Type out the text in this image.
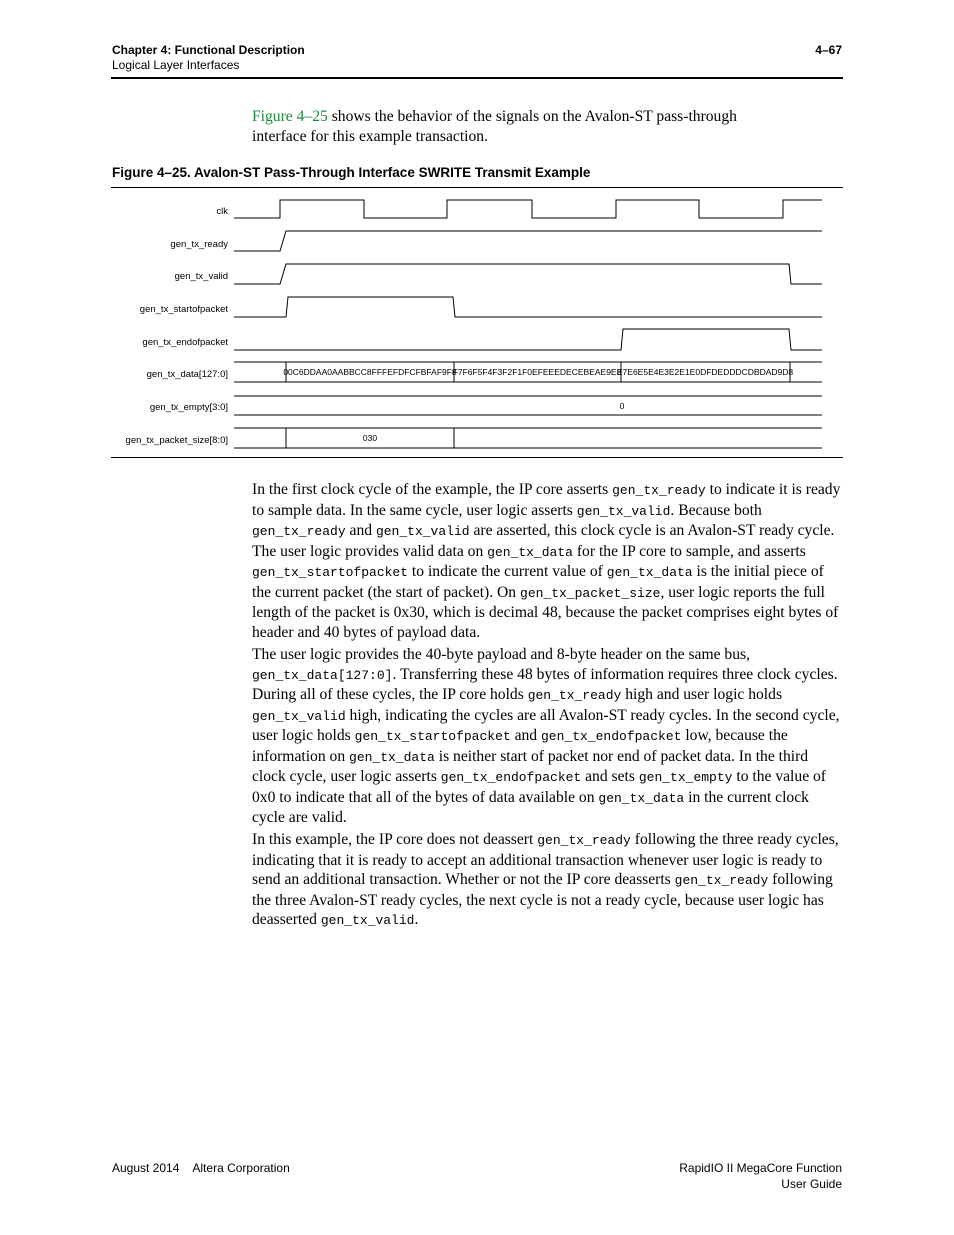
Chapter 4: Functional Description
Logical Layer Interfaces
4–67

Figure 4–25 shows the behavior of the signals on the Avalon-ST pass-through
interface for this example transaction.

Figure 4–25. Avalon-ST Pass-Through Interface SWRITE Transmit Example
clk
gen_tx_ready
gen_tx_valid
gen_tx_startofpacket
gen_tx_endofpacket
gen_tx_data[127:0]
gen_tx_empty[3:0]
gen_tx_packet_size[8:0]
00C6DDAA0AABBCC8FFFEFDFCFBFAF9F8
F7F6F5F4F3F2F1F0EFEEEDECEBEAE9E8
E7E6E5E4E3E2E1E0DFDEDDDCDBDAD9D8
0
030

In the first clock cycle of the example, the IP core asserts gen_tx_ready to indicate it is ready to sample data. In the same cycle, user logic asserts gen_tx_valid. Because both gen_tx_ready and gen_tx_valid are asserted, this clock cycle is an Avalon-ST ready cycle. The user logic provides valid data on gen_tx_data for the IP core to sample, and asserts gen_tx_startofpacket to indicate the current value of gen_tx_data is the initial piece of the current packet (the start of packet). On gen_tx_packet_size, user logic reports the full length of the packet is 0x30, which is decimal 48, because the packet comprises eight bytes of header and 40 bytes of payload data.

The user logic provides the 40-byte payload and 8-byte header on the same bus, gen_tx_data[127:0]. Transferring these 48 bytes of information requires three clock cycles. During all of these cycles, the IP core holds gen_tx_ready high and user logic holds gen_tx_valid high, indicating the cycles are all Avalon-ST ready cycles. In the second cycle, user logic holds gen_tx_startofpacket and gen_tx_endofpacket low, because the information on gen_tx_data is neither start of packet nor end of packet data. In the third clock cycle, user logic asserts gen_tx_endofpacket and sets gen_tx_empty to the value of 0x0 to indicate that all of the bytes of data available on gen_tx_data in the current clock cycle are valid.

In this example, the IP core does not deassert gen_tx_ready following the three ready cycles, indicating that it is ready to accept an additional transaction whenever user logic is ready to send an additional transaction. Whether or not the IP core deasserts gen_tx_ready following the three Avalon-ST ready cycles, the next cycle is not a ready cycle, because user logic has deasserted gen_tx_valid.

August 2014 Altera Corporation	RapidIO II MegaCore Function
User Guide
